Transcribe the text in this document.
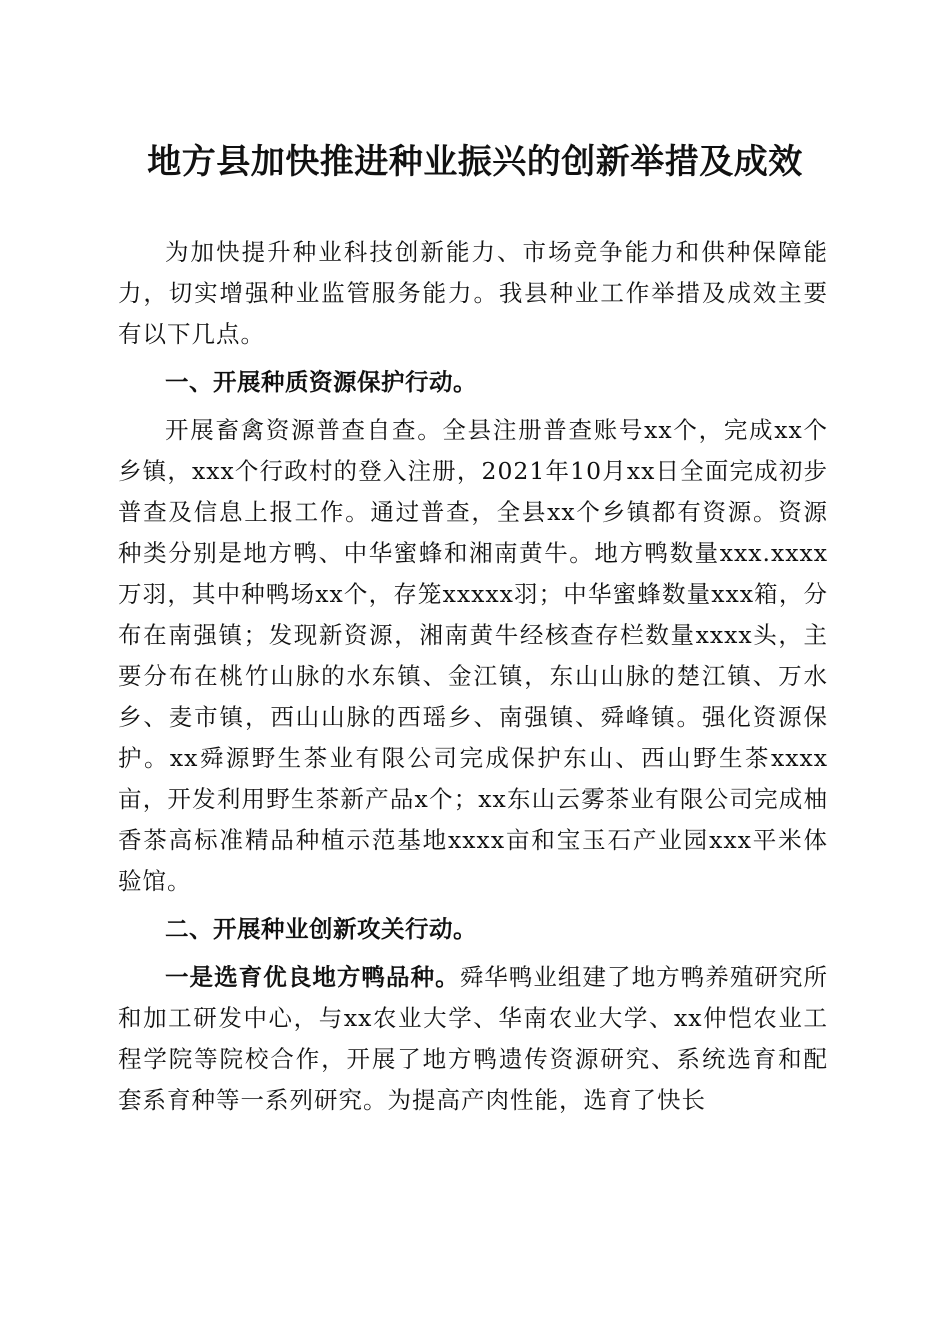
地方县加快推进种业振兴的创新举措及成效

为加快提升种业科技创新能力、市场竞争能力和供种保障能力，切实增强种业监管服务能力。我县种业工作举措及成效主要有以下几点。

一、开展种质资源保护行动。

开展畜禽资源普查自查。全县注册普查账号xx个，完成xx个乡镇，xxx个行政村的登入注册，2021年10月xx日全面完成初步普查及信息上报工作。通过普查，全县xx个乡镇都有资源。资源种类分别是地方鸭、中华蜜蜂和湘南黄牛。地方鸭数量xxx.xxxx万羽，其中种鸭场xx个，存笼xxxxx羽；中华蜜蜂数量xxx箱，分布在南强镇；发现新资源，湘南黄牛经核查存栏数量xxxx头，主要分布在桃竹山脉的水东镇、金江镇，东山山脉的楚江镇、万水乡、麦市镇，西山山脉的西瑶乡、南强镇、舜峰镇。强化资源保护。xx舜源野生茶业有限公司完成保护东山、西山野生茶xxxx亩，开发利用野生茶新产品x个；xx东山云雾茶业有限公司完成柚香茶高标准精品种植示范基地xxxx亩和宝玉石产业园xxx平米体验馆。

二、开展种业创新攻关行动。

一是选育优良地方鸭品种。舜华鸭业组建了地方鸭养殖研究所和加工研发中心，与xx农业大学、华南农业大学、xx仲恺农业工程学院等院校合作，开展了地方鸭遗传资源研究、系统选育和配套系育种等一系列研究。为提高产肉性能，选育了快长
